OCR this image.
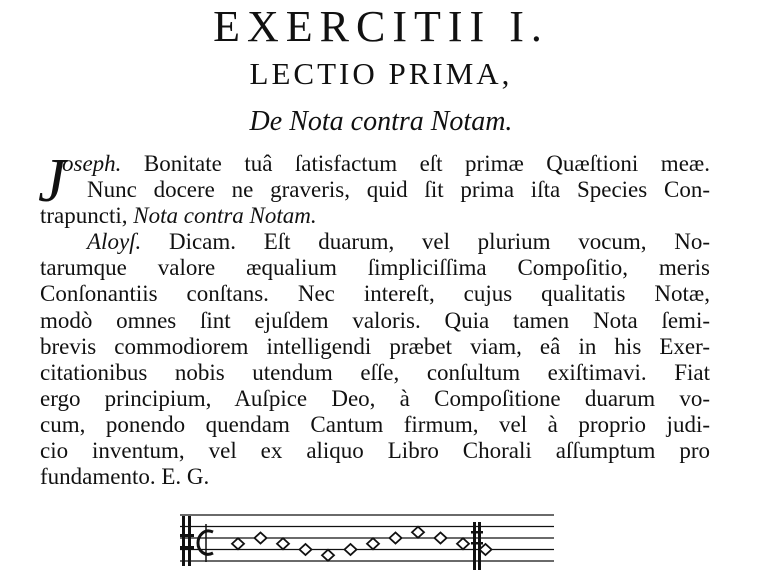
EXERCITII I.
LECTIO PRIMA,
De Nota contra Notam.
J
oseph. Bonitate tuâ ſatisfactum eſt primæ Quæſtioni meæ.
Nunc docere ne graveris, quid ſit prima iſta Species Con-
trapuncti, Nota contra Notam.
Aloyſ. Dicam. Eſt duarum, vel plurium vocum, No-
tarumque valore æqualium ſimpliciſſima Compoſitio, meris
Conſonantiis conſtans. Nec intereſt, cujus qualitatis Notæ,
modò omnes ſint ejuſdem valoris. Quia tamen Nota ſemi-
brevis commodiorem intelligendi præbet viam, eâ in his Exer-
citationibus nobis utendum eſſe, conſultum exiſtimavi. Fiat
ergo principium, Auſpice Deo, à Compoſitione duarum vo-
cum, ponendo quendam Cantum firmum, vel à proprio judi-
cio inventum, vel ex aliquo Libro Chorali aſſumptum pro
fundamento. E. G.
